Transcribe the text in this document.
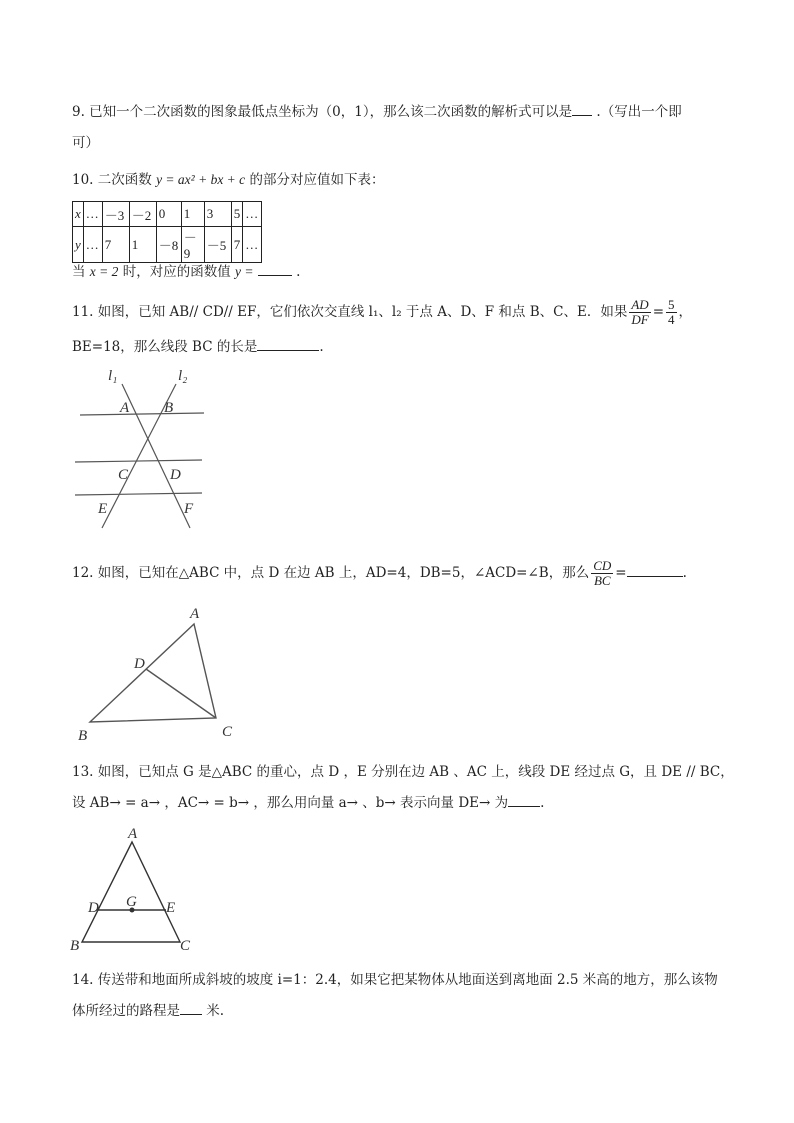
9. 已知一个二次函数的图象最低点坐标为（0，1），那么该二次函数的解析式可以是 .（写出一个即
可）
10. 二次函数 y = ax² + bx + c 的部分对应值如下表：
x	…	－3	－2	0	1	3	5	…
y	…	7	1	－8	－9	－5	7	…
当 x = 2 时，对应的函数值 y =	.
11. 如图，已知 AB// CD// EF，它们依次交直线 l₁、l₂ 于点 A、D、F 和点 B、C、E．如果 $\frac{AD}{DF} = \frac{5}{4}$ ，
BE=18，那么线段 BC 的长是	.
l₁	l₂
A B
C	D
E	F
12. 如图，已知在△ABC 中，点 D 在边 AB 上，AD=4，DB=5，∠ACD=∠B，那么 $\frac{CD}{BC}$ =	.
A
D
B	C
13. 如图，已知点 G 是△ABC 的重心，点 D ，E 分别在边 AB 、AC 上，线段 DE 经过点 G，且 DE // BC，
设 AB→ = a→ ，AC→ = b→ ，那么用向量 a→ 、b→ 表示向量 DE→ 为 .
A
D G E
B	C
14. 传送带和地面所成斜坡的坡度 i=1：2.4，如果它把某物体从地面送到离地面 2.5 米高的地方，那么该物
体所经过的路程是 米.
